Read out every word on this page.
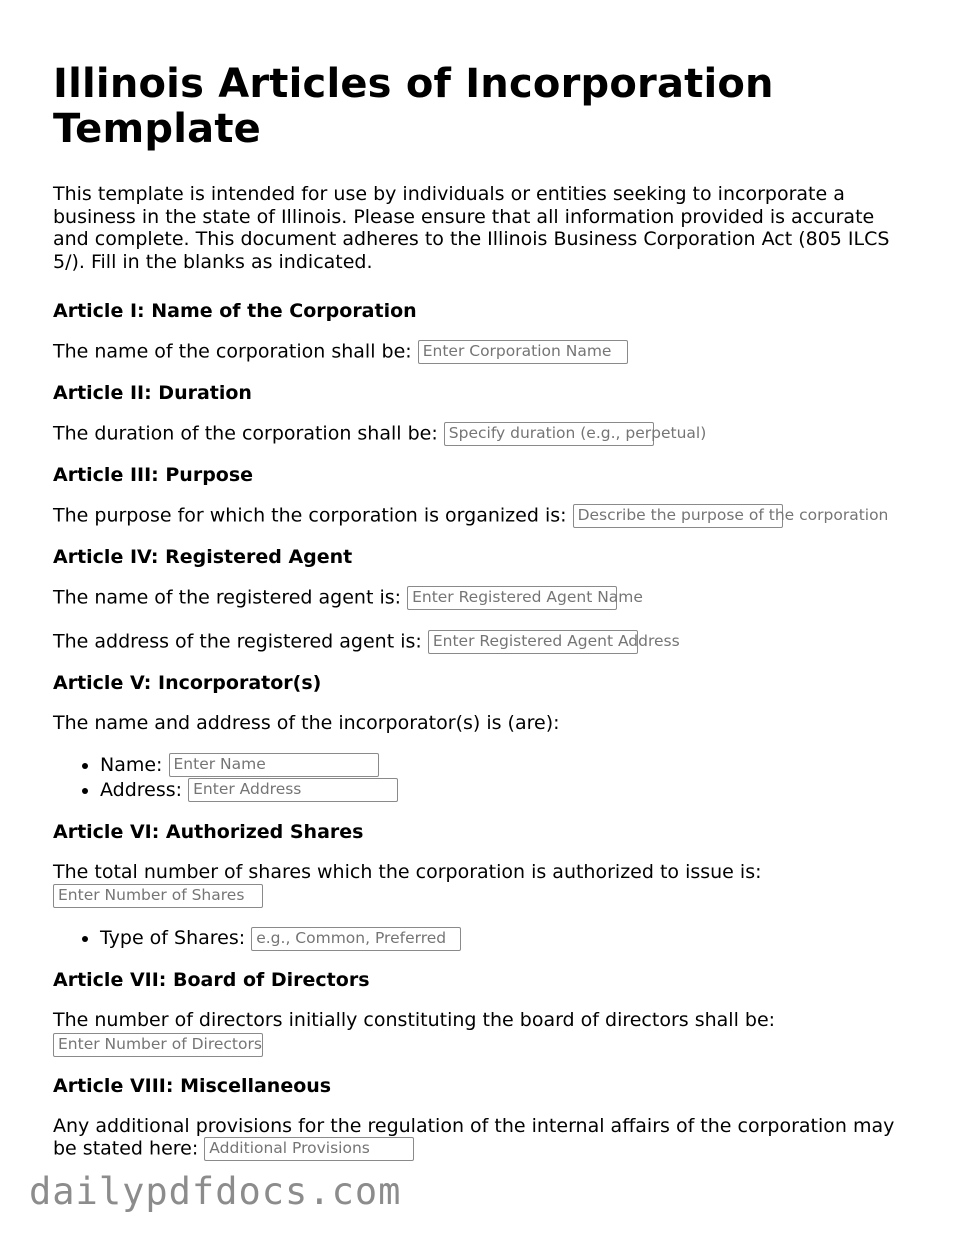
Illinois Articles of Incorporation Template

This template is intended for use by individuals or entities seeking to incorporate a business in the state of Illinois. Please ensure that all information provided is accurate and complete. This document adheres to the Illinois Business Corporation Act (805 ILCS 5/). Fill in the blanks as indicated.

Article I: Name of the Corporation

The name of the corporation shall be: Enter Corporation Name

Article II: Duration

The duration of the corporation shall be: Specify duration (e.g., perpetual)

Article III: Purpose

The purpose for which the corporation is organized is: Describe the purpose of the corporation

Article IV: Registered Agent

The name of the registered agent is: Enter Registered Agent Name

The address of the registered agent is: Enter Registered Agent Address

Article V: Incorporator(s)

The name and address of the incorporator(s) is (are):

• Name: Enter Name
• Address: Enter Address
Article VI: Authorized Shares

The total number of shares which the corporation is authorized to issue is:

Enter Number of Shares
• Type of Shares: e.g., Common, Preferred
Article VII: Board of Directors

The number of directors initially constituting the board of directors shall be:

Enter Number of Directors
Article VIII: Miscellaneous

Any additional provisions for the regulation of the internal affairs of the corporation may be stated here: Additional Provisions

dailypdfdocs.com
